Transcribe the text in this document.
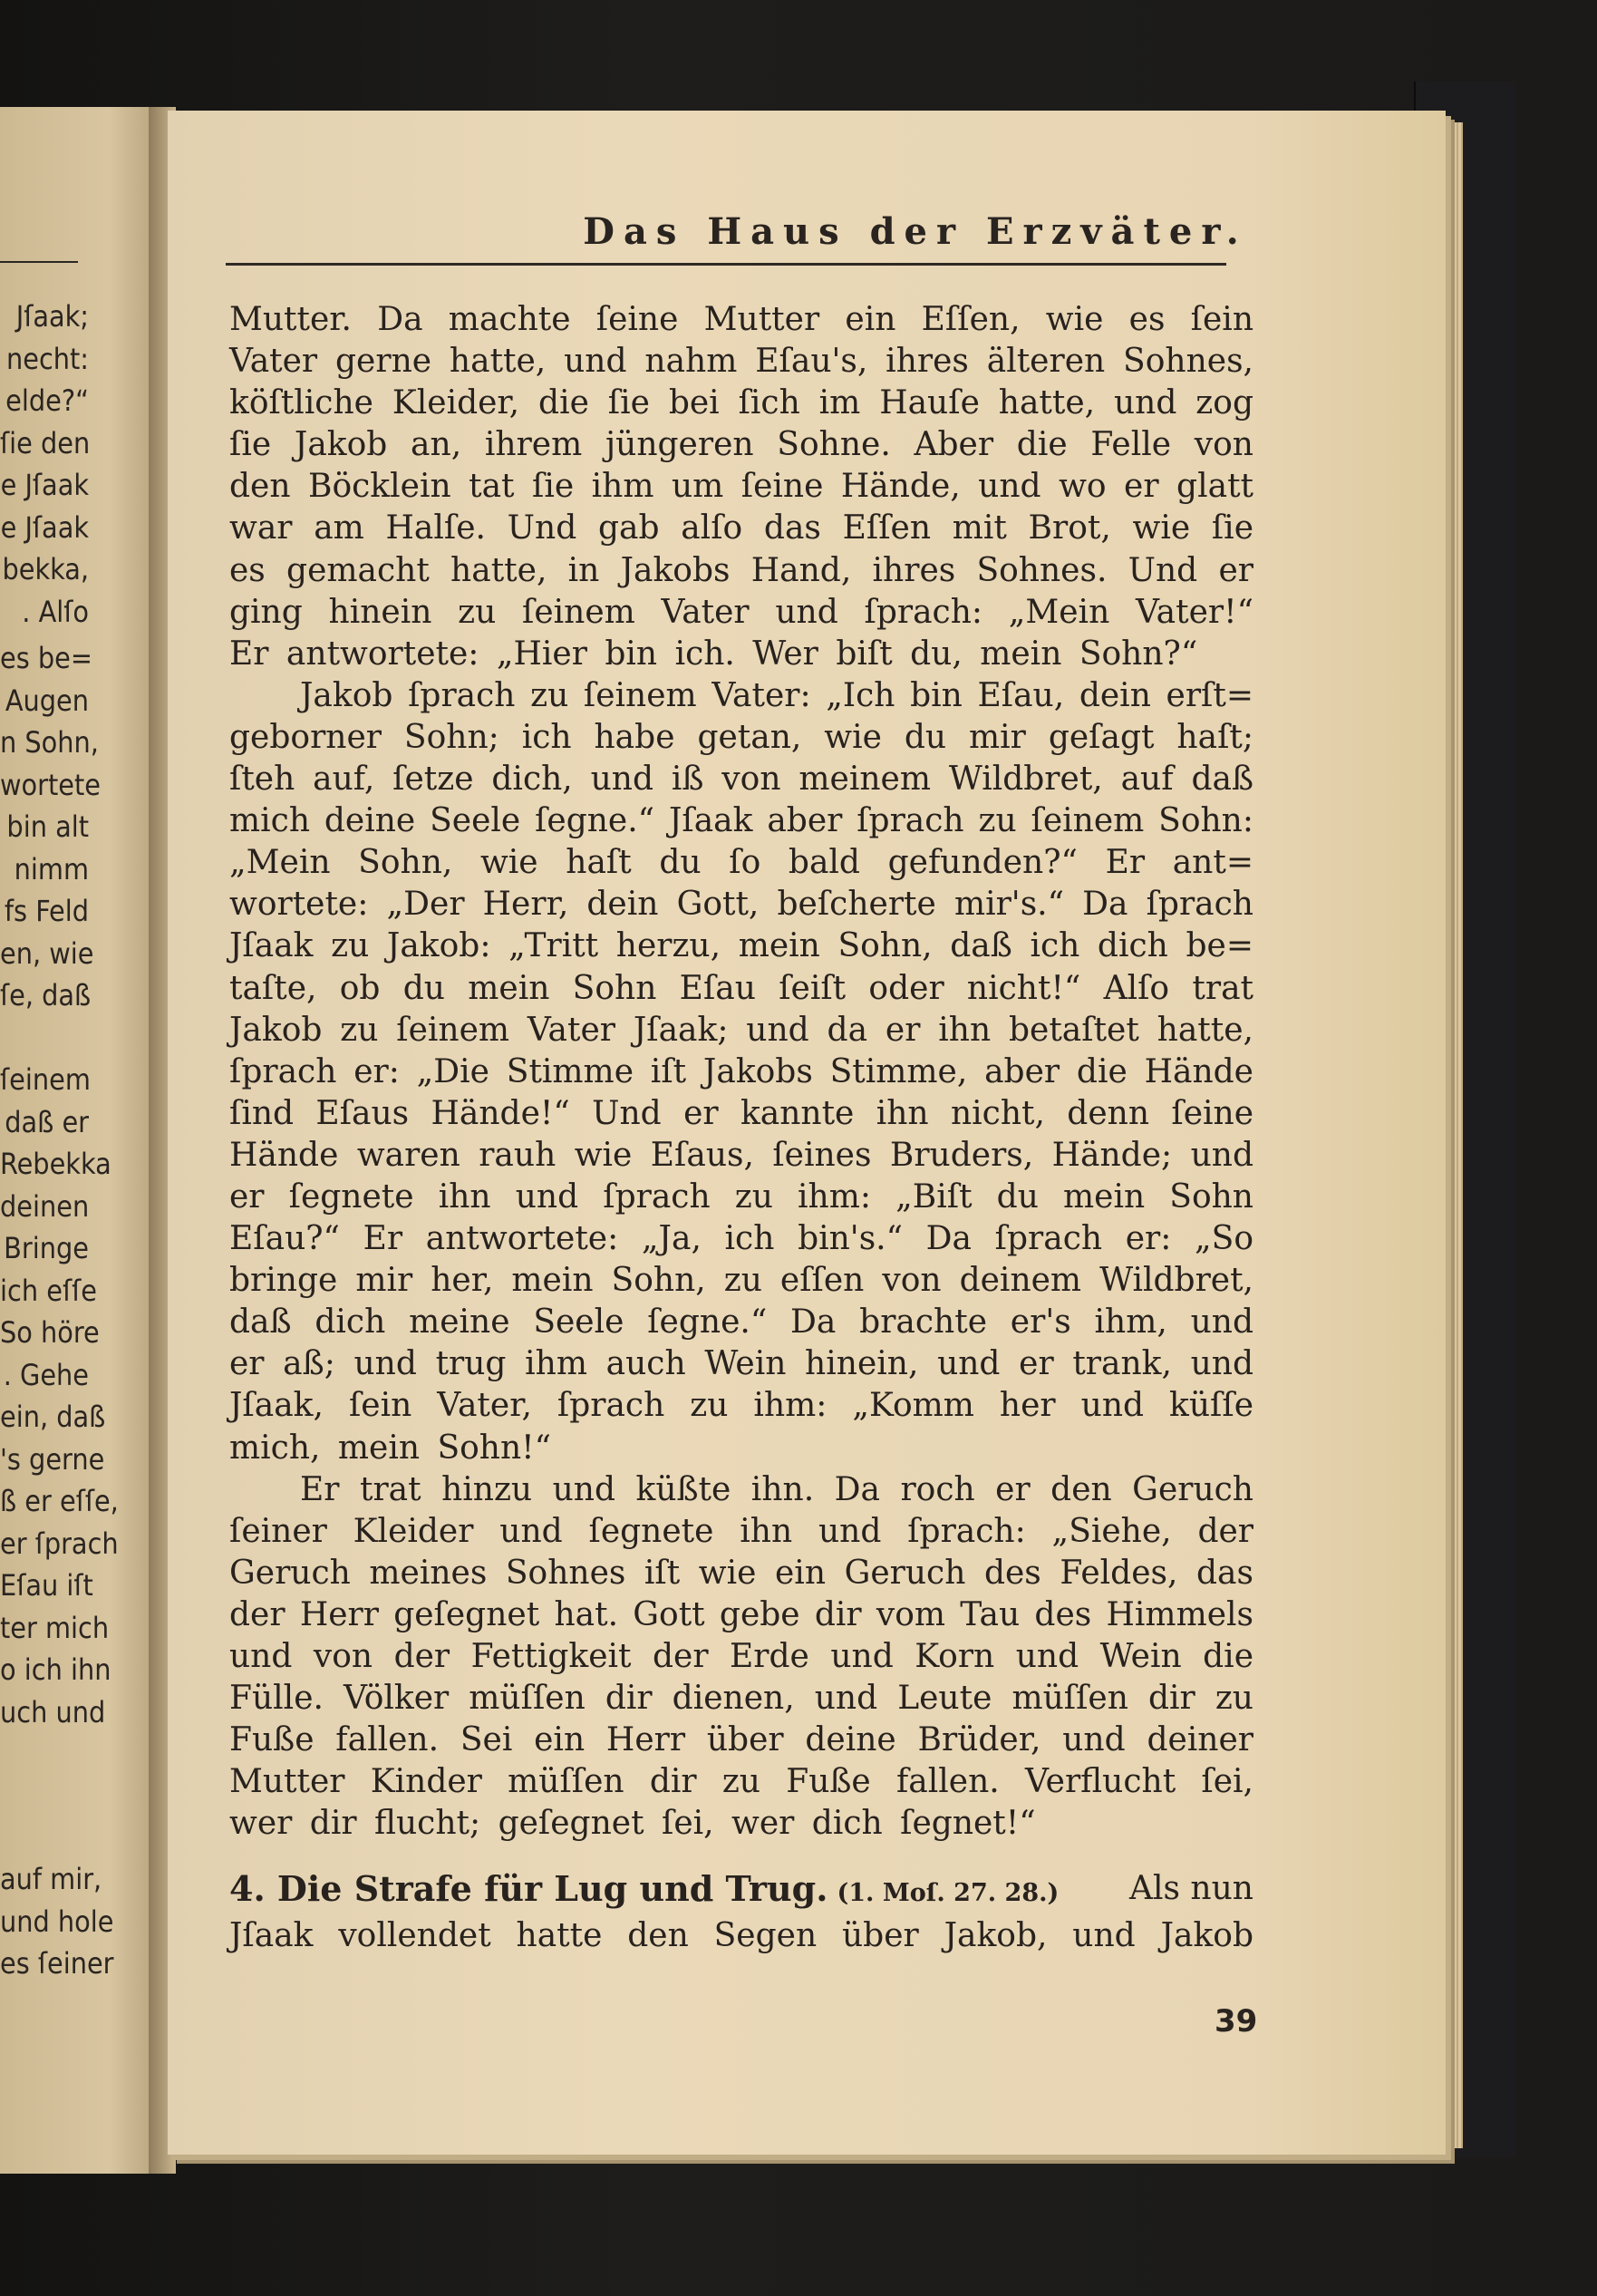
Jſaak;
necht:
elde?“
ſie den
e Jſaak
e Jſaak
bekka,
. Alſo
es be=
Augen
n Sohn,
wortete
bin alt
nimm
fs Feld
en, wie
ſe, daß
ſeinem
daß er
Rebekka
deinen
Bringe
ich eſſe
So höre
. Gehe
ein, daß
's gerne
ß er eſſe,
er ſprach
Eſau iſt
ter mich
o ich ihn
uch und
auf mir,
und hole
es ſeiner
Das Haus der Erzväter.
Mutter. Da machte ſeine Mutter ein Eſſen, wie es ſein
Vater gerne hatte, und nahm Eſau's, ihres älteren Sohnes,
köſtliche Kleider, die ſie bei ſich im Hauſe hatte, und zog
ſie Jakob an, ihrem jüngeren Sohne. Aber die Felle von
den Böcklein tat ſie ihm um ſeine Hände, und wo er glatt
war am Halſe. Und gab alſo das Eſſen mit Brot, wie ſie
es gemacht hatte, in Jakobs Hand, ihres Sohnes. Und er
ging hinein zu ſeinem Vater und ſprach: „Mein Vater!“
Er antwortete: „Hier bin ich. Wer biſt du, mein Sohn?“
Jakob ſprach zu ſeinem Vater: „Ich bin Eſau, dein erſt=
geborner Sohn; ich habe getan, wie du mir geſagt haſt;
ſteh auf, ſetze dich, und iß von meinem Wildbret, auf daß
mich deine Seele ſegne.“ Jſaak aber ſprach zu ſeinem Sohn:
„Mein Sohn, wie haſt du ſo bald gefunden?“ Er ant=
wortete: „Der Herr, dein Gott, beſcherte mir's.“ Da ſprach
Jſaak zu Jakob: „Tritt herzu, mein Sohn, daß ich dich be=
taſte, ob du mein Sohn Eſau ſeiſt oder nicht!“ Alſo trat
Jakob zu ſeinem Vater Jſaak; und da er ihn betaſtet hatte,
ſprach er: „Die Stimme iſt Jakobs Stimme, aber die Hände
ſind Eſaus Hände!“ Und er kannte ihn nicht, denn ſeine
Hände waren rauh wie Eſaus, ſeines Bruders, Hände; und
er ſegnete ihn und ſprach zu ihm: „Biſt du mein Sohn
Eſau?“ Er antwortete: „Ja, ich bin's.“ Da ſprach er: „So
bringe mir her, mein Sohn, zu eſſen von deinem Wildbret,
daß dich meine Seele ſegne.“ Da brachte er's ihm, und
er aß; und trug ihm auch Wein hinein, und er trank, und
Jſaak, ſein Vater, ſprach zu ihm: „Komm her und küſſe
mich, mein Sohn!“
Er trat hinzu und küßte ihn. Da roch er den Geruch
ſeiner Kleider und ſegnete ihn und ſprach: „Siehe, der
Geruch meines Sohnes iſt wie ein Geruch des Feldes, das
der Herr geſegnet hat. Gott gebe dir vom Tau des Himmels
und von der Fettigkeit der Erde und Korn und Wein die
Fülle. Völker müſſen dir dienen, und Leute müſſen dir zu
Fuße fallen. Sei ein Herr über deine Brüder, und deiner
Mutter Kinder müſſen dir zu Fuße fallen. Verflucht ſei,
wer dir flucht; geſegnet ſei, wer dich ſegnet!“
4. Die Strafe für Lug und Trug. (1. Moſ. 27. 28.) Als nun
Jſaak vollendet hatte den Segen über Jakob, und Jakob
39
